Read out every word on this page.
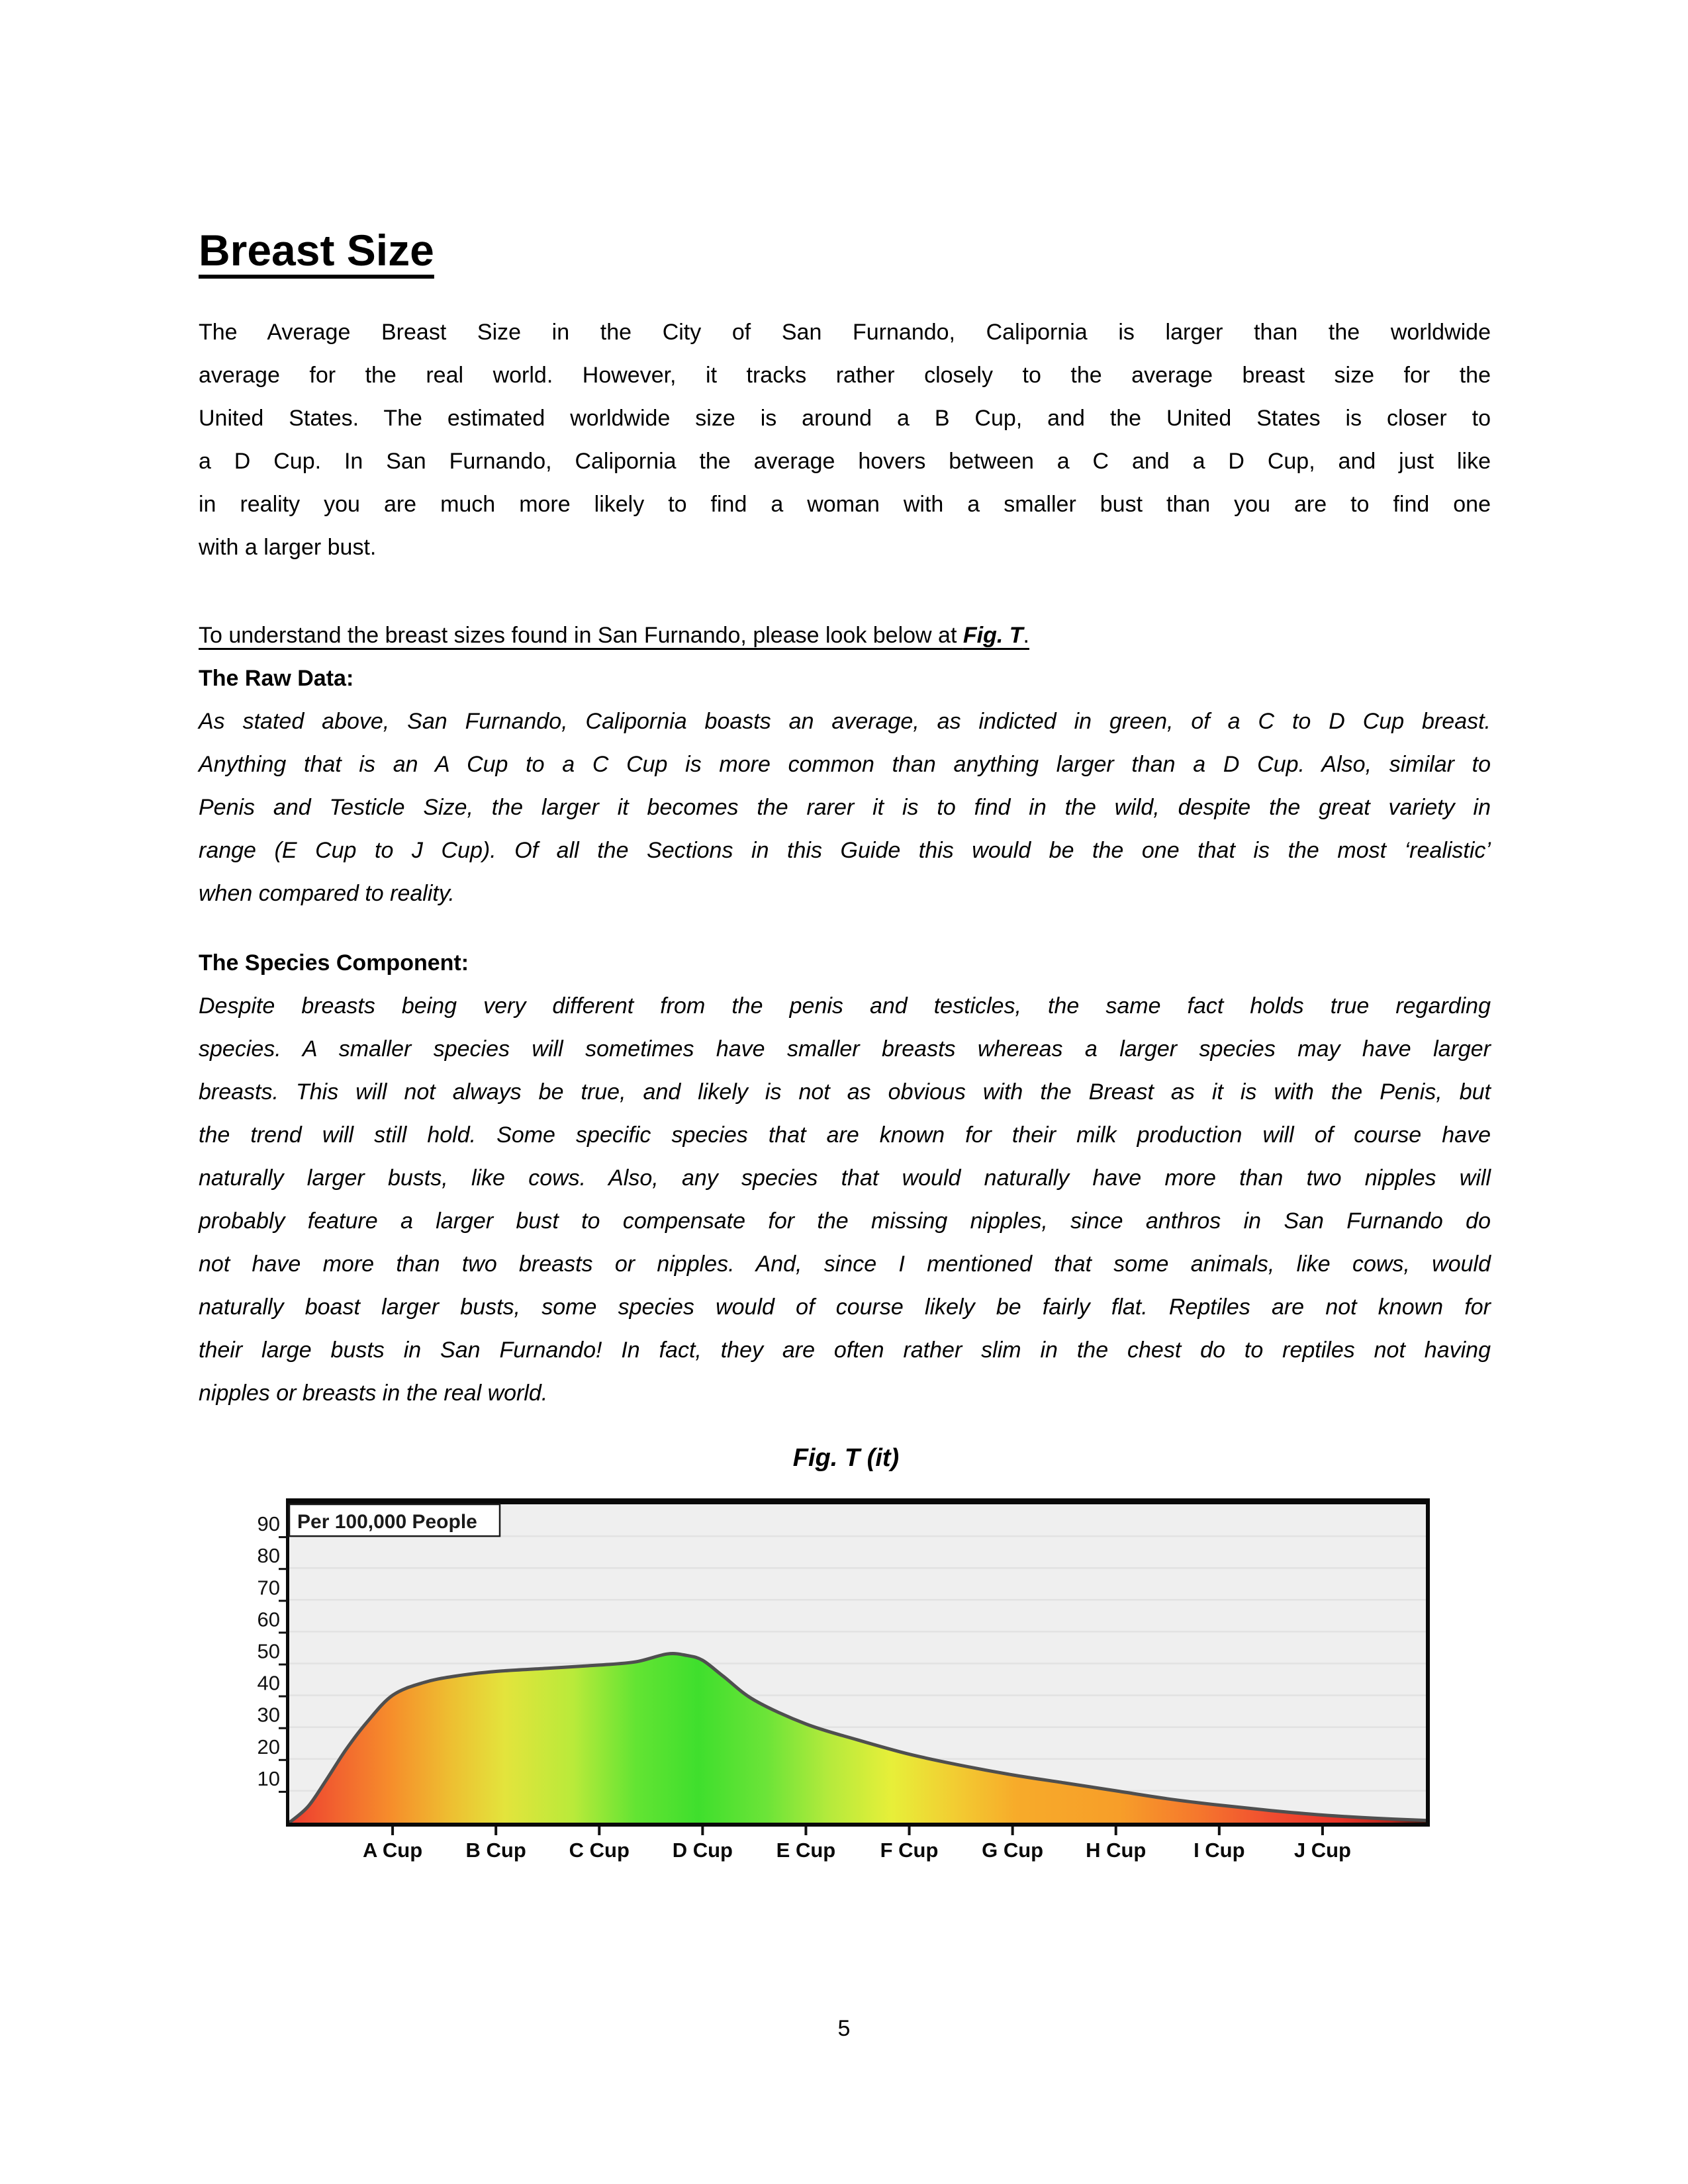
Breast Size
The Average Breast Size in the City of San Furnando, Calipornia is larger than the worldwide
average for the real world. However, it tracks rather closely to the average breast size for the
United States. The estimated worldwide size is around a B Cup, and the United States is closer to
a D Cup. In San Furnando, Calipornia the average hovers between a C and a D Cup, and just like
in reality you are much more likely to find a woman with a smaller bust than you are to find one
with a larger bust.
To understand the breast sizes found in San Furnando, please look below at Fig. T.
The Raw Data:
As stated above, San Furnando, Calipornia boasts an average, as indicted in green, of a C to D Cup breast.
Anything that is an A Cup to a C Cup is more common than anything larger than a D Cup. Also, similar to
Penis and Testicle Size, the larger it becomes the rarer it is to find in the wild, despite the great variety in
range (E Cup to J Cup). Of all the Sections in this Guide this would be the one that is the most ‘realistic’
when compared to reality.
The Species Component:
Despite breasts being very different from the penis and testicles, the same fact holds true regarding
species. A smaller species will sometimes have smaller breasts whereas a larger species may have larger
breasts. This will not always be true, and likely is not as obvious with the Breast as it is with the Penis, but
the trend will still hold. Some specific species that are known for their milk production will of course have
naturally larger busts, like cows. Also, any species that would naturally have more than two nipples will
probably feature a larger bust to compensate for the missing nipples, since anthros in San Furnando do
not have more than two breasts or nipples. And, since I mentioned that some animals, like cows, would
naturally boast larger busts, some species would of course likely be fairly flat. Reptiles are not known for
their large busts in San Furnando! In fact, they are often rather slim in the chest do to reptiles not having
nipples or breasts in the real world.
Fig. T (it)
10
20
30
40
50
60
70
80
90
A Cup B Cup C Cup D Cup E Cup F Cup G Cup H Cup I Cup J Cup
Per 100,000 People
5
